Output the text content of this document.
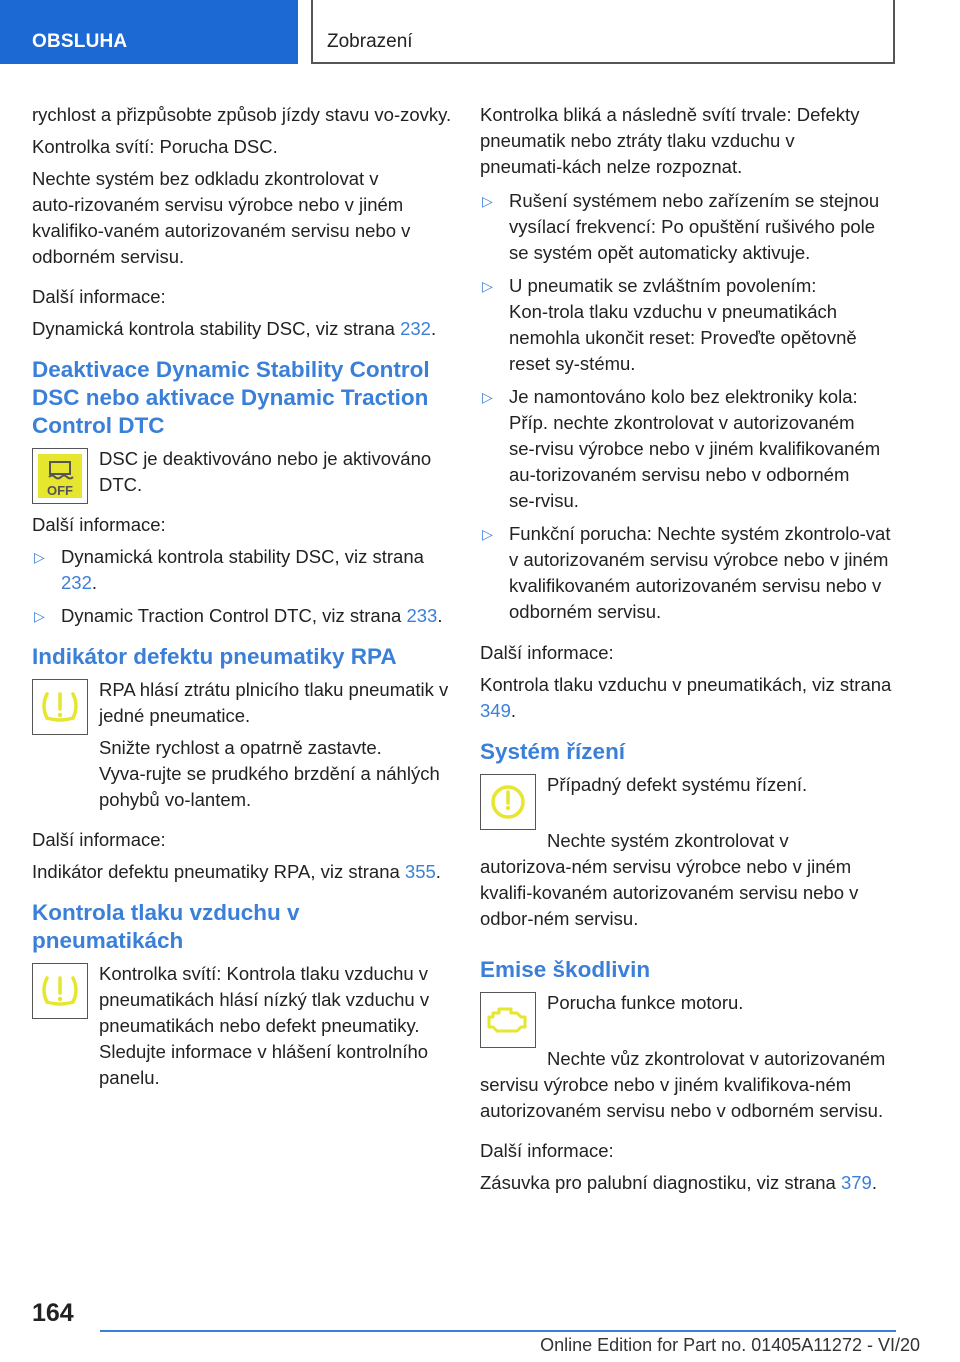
OBSLUHA	Zobrazení

rychlost a přizpůsobte způsob jízdy stavu vo‑zovky.

Kontrolka svítí: Porucha DSC.

Nechte systém bez odkladu zkontrolovat v auto‑rizovaném servisu výrobce nebo v jiném kvalifiko‑vaném autorizovaném servisu nebo v odborném servisu.

Další informace:

Dynamická kontrola stability DSC, viz strana 232.

Deaktivace Dynamic Stability Control DSC nebo aktivace Dynamic Traction Control DTC
OFF

DSC je deaktivováno nebo je aktivováno DTC.

Další informace:

▷ Dynamická kontrola stability DSC, viz strana 232.
▷ Dynamic Traction Control DTC, viz strana 233.
Indikátor defektu pneumatiky RPA

RPA hlásí ztrátu plnicího tlaku pneumatik v jedné pneumatice.

Snižte rychlost a opatrně zastavte. Vyva‑rujte se prudkého brzdění a náhlých pohybů vo‑lantem.

Další informace:

Indikátor defektu pneumatiky RPA, viz strana 355.

Kontrola tlaku vzduchu v pneumatikách

Kontrolka svítí: Kontrola tlaku vzduchu v pneumatikách hlásí nízký tlak vzduchu v pneumatikách nebo defekt pneumatiky. Sledujte informace v hlášení kontrolního panelu.

Kontrolka bliká a následně svítí trvale: Defekty pneumatik nebo ztráty tlaku vzduchu v pneumati‑kách nelze rozpoznat.

▷ Rušení systémem nebo zařízením se stejnou vysílací frekvencí: Po opuštění rušivého pole se systém opět automaticky aktivuje.
▷ U pneumatik se zvláštním povolením: Kon‑trola tlaku vzduchu v pneumatikách nemohla ukončit reset: Proveďte opětovně reset sy‑stému.
▷ Je namontováno kolo bez elektroniky kola: Příp. nechte zkontrolovat v autorizovaném se‑rvisu výrobce nebo v jiném kvalifikovaném au‑torizovaném servisu nebo v odborném se‑rvisu.
▷ Funkční porucha: Nechte systém zkontrolo‑vat v autorizovaném servisu výrobce nebo v jiném kvalifikovaném autorizovaném servisu nebo v odborném servisu.

Další informace:

Kontrola tlaku vzduchu v pneumatikách, viz strana 349.

Systém řízení

Případný defekt systému řízení.

Nechte systém zkontrolovat v autorizova‑ném servisu výrobce nebo v jiném kvalifi‑kovaném autorizovaném servisu nebo v odbor‑ném servisu.

Emise škodlivin

Porucha funkce motoru.

Nechte vůz zkontrolovat v autorizovaném servisu výrobce nebo v jiném kvalifikova‑ném autorizovaném servisu nebo v odborném servisu.

Další informace:

Zásuvka pro palubní diagnostiku, viz strana 379.

164
Online Edition for Part no. 01405A11272 - VI/20
